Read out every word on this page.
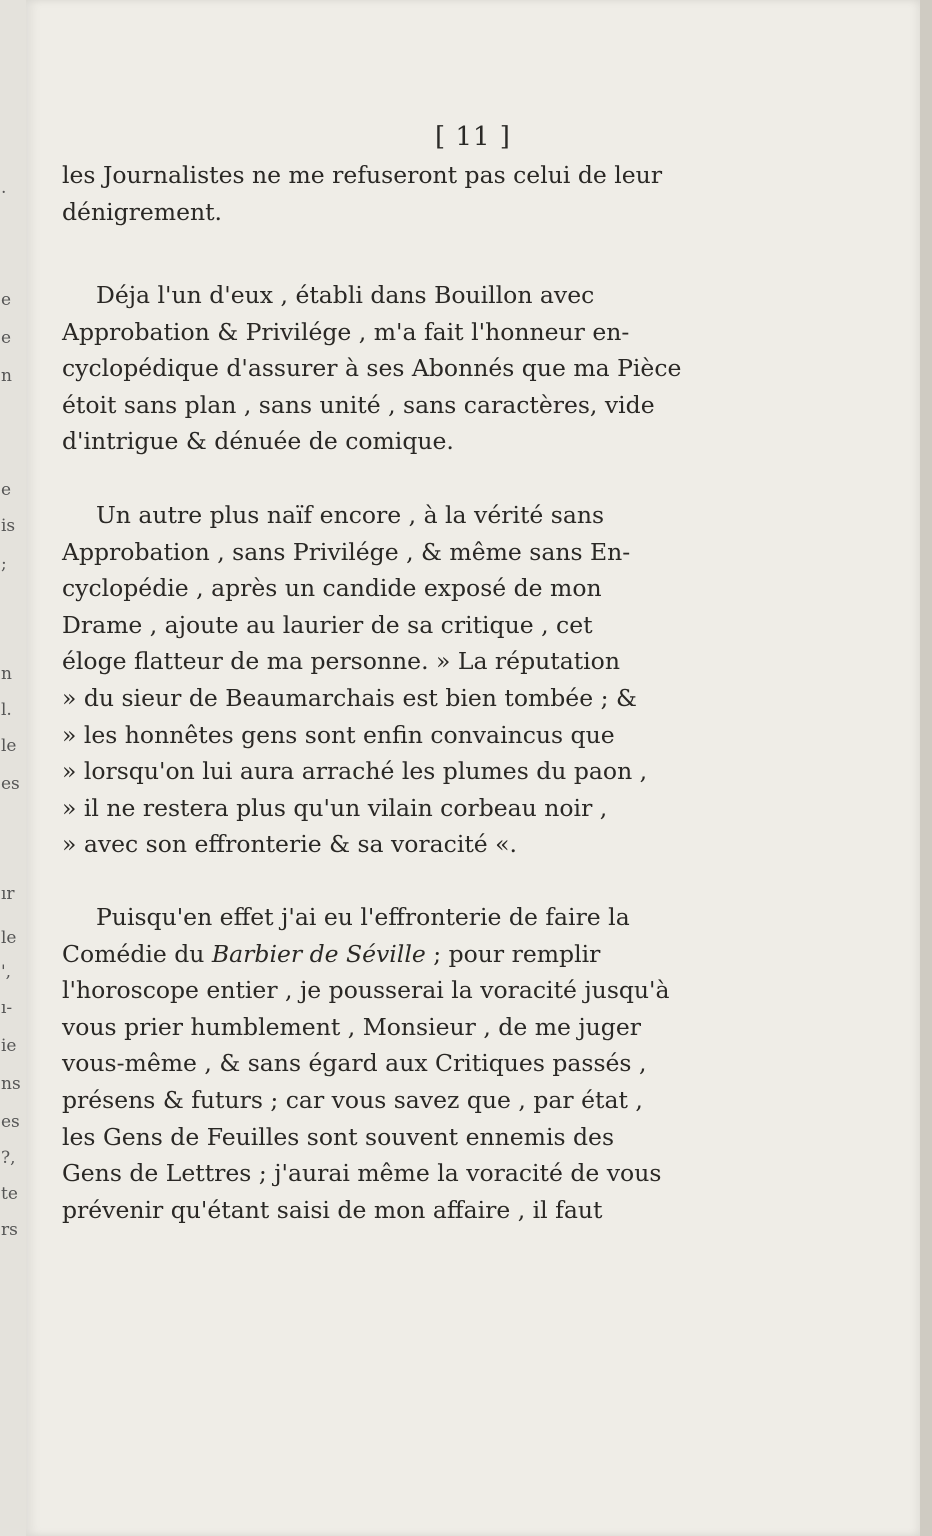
.
e
e
n
e
is
;
n
l.
le
es
ır
le
',
ı-
ie
ns
es
?,
te
rs
[ 11 ]

les Journalistes ne me refuseront pas celui de leur
dénigrement.

Déja l'un d'eux , établi dans Bouillon avec
Approbation & Privilége , m'a fait l'honneur en-
cyclopédique d'assurer à ses Abonnés que ma Pièce
étoit sans plan , sans unité , sans caractères, vide
d'intrigue & dénuée de comique.

Un autre plus naïf encore , à la vérité sans
Approbation , sans Privilége , & même sans En-
cyclopédie , après un candide exposé de mon
Drame , ajoute au laurier de sa critique , cet
éloge flatteur de ma personne. » La réputation
» du sieur de Beaumarchais est bien tombée ; &
» les honnêtes gens sont enfin convaincus que
» lorsqu'on lui aura arraché les plumes du paon ,
» il ne restera plus qu'un vilain corbeau noir ,
» avec son effronterie & sa voracité «.

Puisqu'en effet j'ai eu l'effronterie de faire la
Comédie du Barbier de Séville ; pour remplir
l'horoscope entier , je pousserai la voracité jusqu'à
vous prier humblement , Monsieur , de me juger
vous-même , & sans égard aux Critiques passés ,
présens & futurs ; car vous savez que , par état ,
les Gens de Feuilles sont souvent ennemis des
Gens de Lettres ; j'aurai même la voracité de vous
prévenir qu'étant saisi de mon affaire , il faut
